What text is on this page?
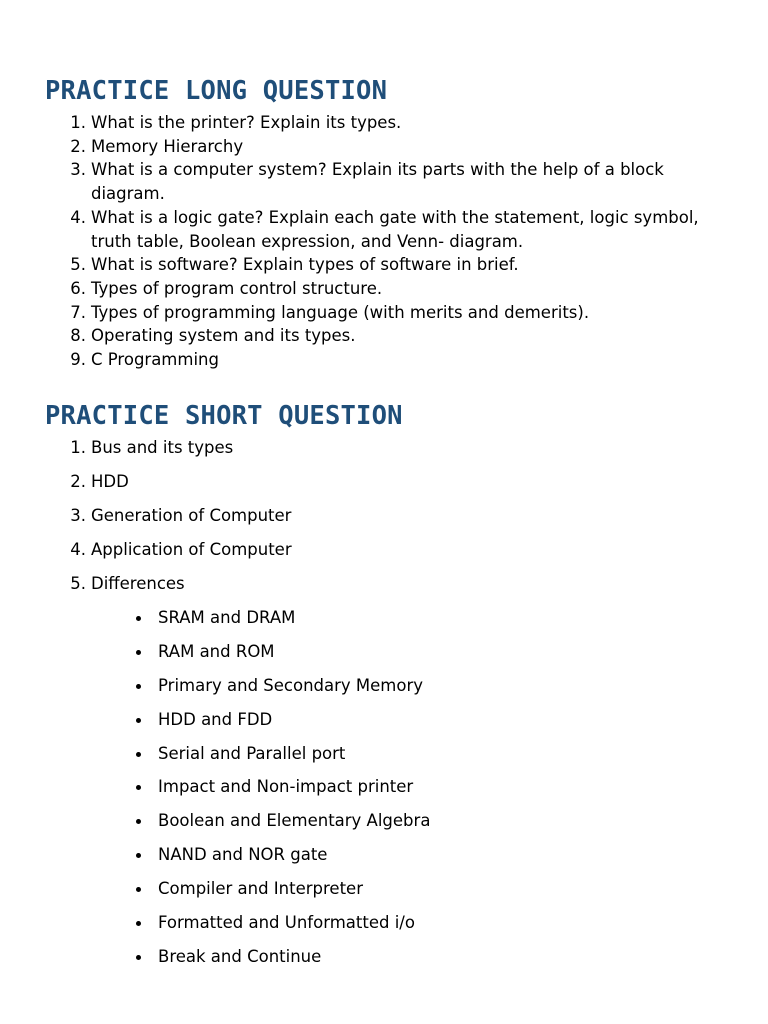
PRACTICE LONG QUESTION
1. What is the printer? Explain its types.
2. Memory Hierarchy
3. What is a computer system? Explain its parts with the help of a block diagram.
4. What is a logic gate? Explain each gate with the statement, logic symbol, truth table, Boolean expression, and Venn- diagram.
5. What is software? Explain types of software in brief.
6. Types of program control structure.
7. Types of programming language (with merits and demerits).
8. Operating system and its types.
9. C Programming
PRACTICE SHORT QUESTION
1. Bus and its types
2. HDD
3. Generation of Computer
4. Application of Computer
5. Differences
SRAM and DRAM
RAM and ROM
Primary and Secondary Memory
HDD and FDD
Serial and Parallel port
Impact and Non-impact printer
Boolean and Elementary Algebra
NAND and NOR gate
Compiler and Interpreter
Formatted and Unformatted i/o
Break and Continue
